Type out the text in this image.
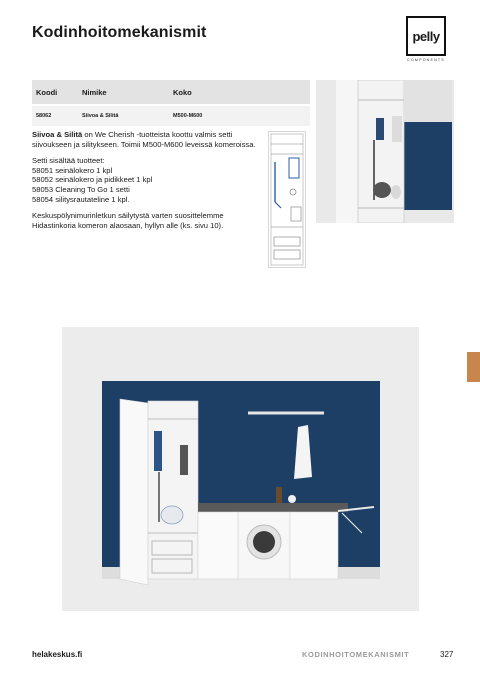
Kodinhoitomekanismit	pelly
COMPONENTS
Koodi	Nimike	Koko
58062	Siivoa & Silitä	M500-M600

Siivoa & Silitä on We Cherish -tuotteista koottu valmis setti siivoukseen ja silitykseen. Toimii M500-M600 leveissä komeroissa.

Setti sisältää tuotteet:
58051 seinälokero 1 kpl
58052 seinälokero ja pidikkeet 1 kpl
58053 Cleaning To Go 1 setti
58054 silitysrautateline 1 kpl.

Keskuspölynimurinletkun säilytystä varten suosittelemme Hidastinkoria komeron alaosaan, hyllyn alle (ks. sivu 10).

helakeskus.fi	KODINHOITOMEKANISMIT	327
